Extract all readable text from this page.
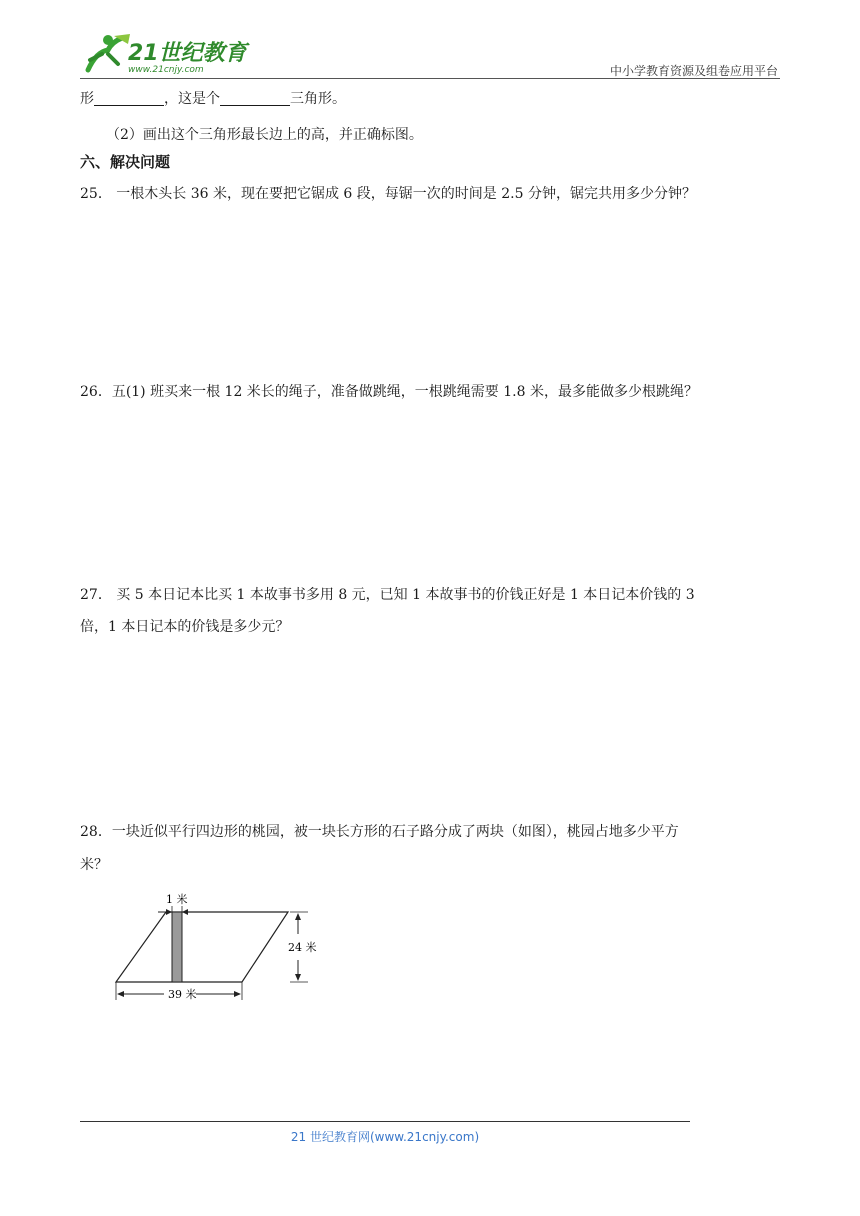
21世纪教育
www.21cnjy.com	中小学教育资源及组卷应用平台
形	，这是个	三角形。
（2）画出这个三角形最长边上的高，并正确标图。
六、解决问题
25． 一根木头长 36 米，现在要把它锯成 6 段，每锯一次的时间是 2.5 分钟，锯完共用多少分钟？
26．五(1) 班买来一根 12 米长的绳子，准备做跳绳，一根跳绳需要 1.8 米，最多能做多少根跳绳？
27． 买 5 本日记本比买 1 本故事书多用 8 元，已知 1 本故事书的价钱正好是 1 本日记本价钱的 3
倍，1 本日记本的价钱是多少元？
28．一块近似平行四边形的桃园，被一块长方形的石子路分成了两块（如图），桃园占地多少平方
米？
1 米
24 米
39 米
21 世纪教育网(www.21cnjy.com)
